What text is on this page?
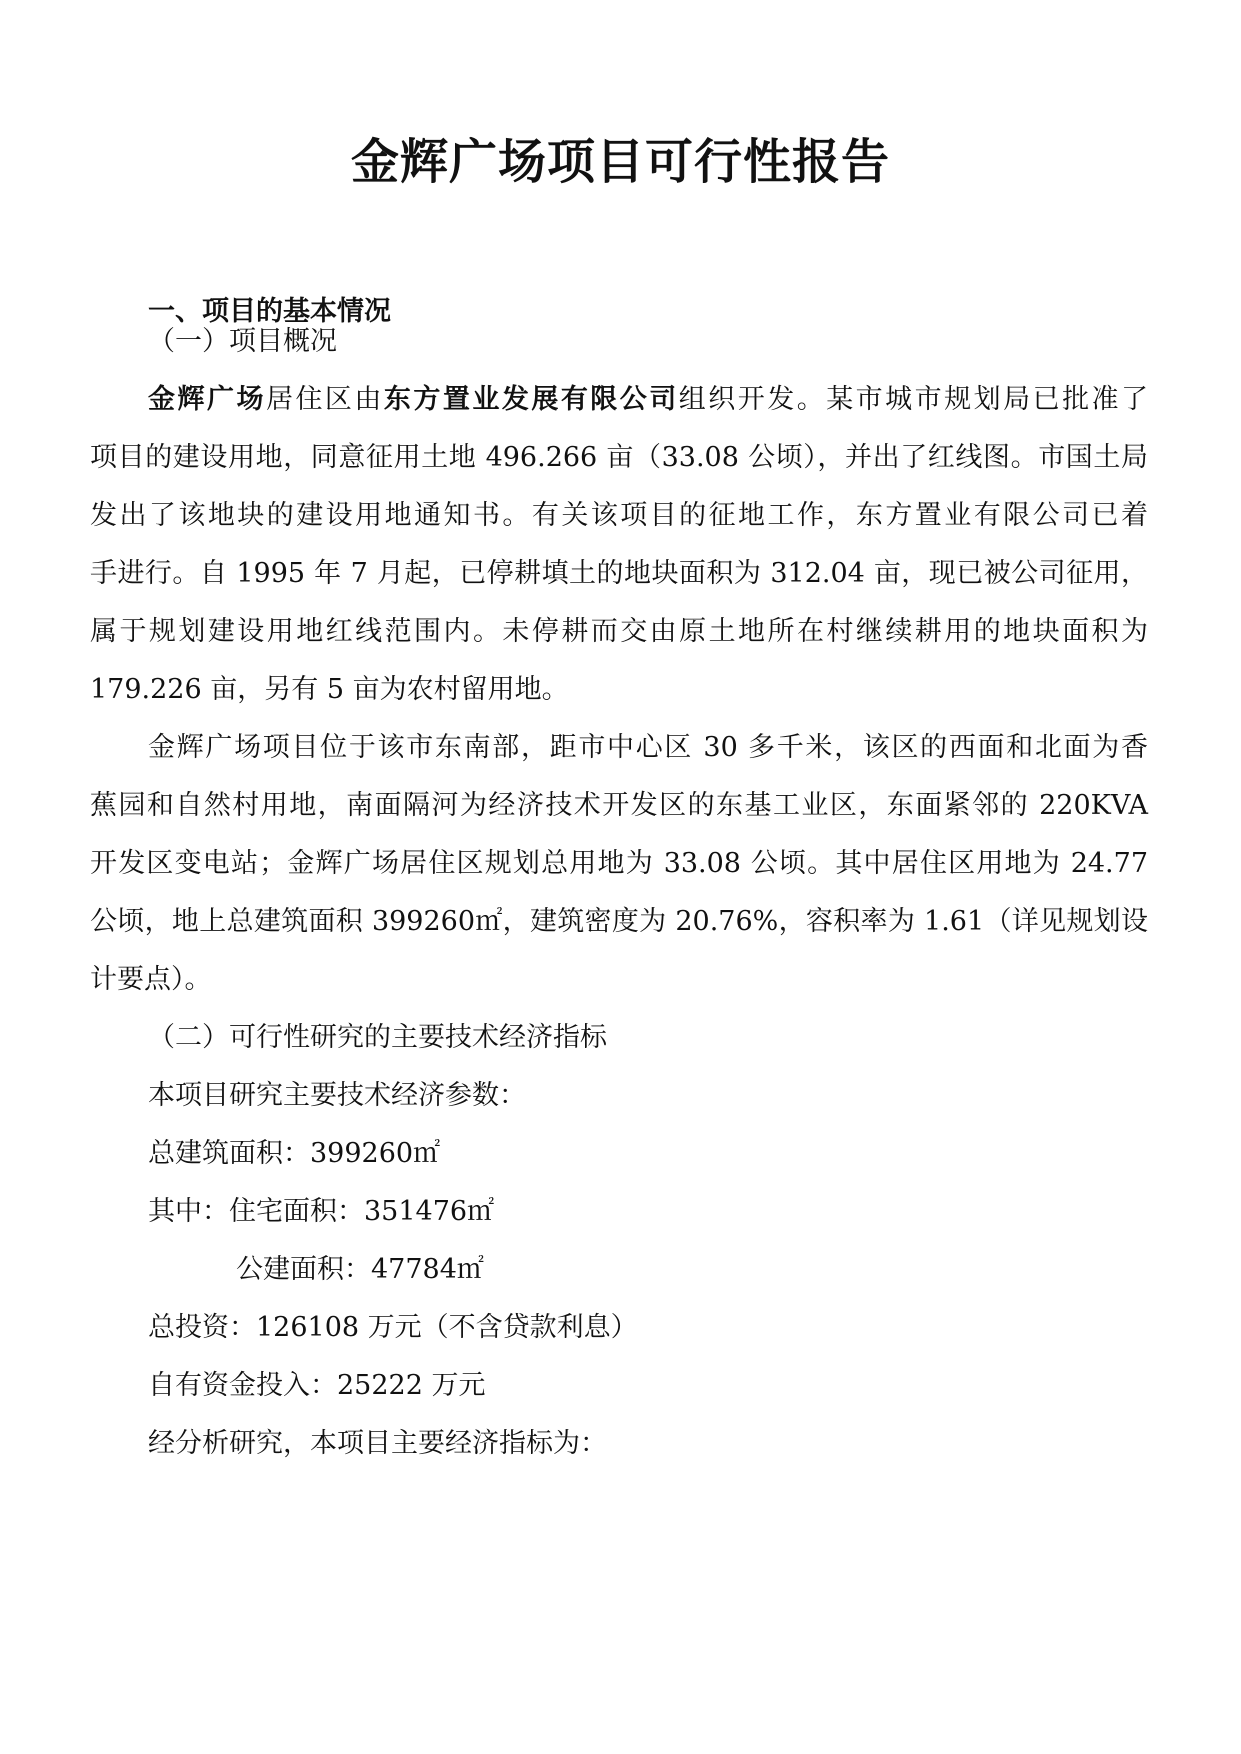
金辉广场项目可行性报告
一、项目的基本情况

（一）项目概况

金辉广场居住区由东方置业发展有限公司组织开发。某市城市规划局已批准了

项目的建设用地，同意征用土地 496.266 亩（33.08 公顷），并出了红线图。市国土局

发出了该地块的建设用地通知书。有关该项目的征地工作，东方置业有限公司已着

手进行。自 1995 年 7 月起，已停耕填土的地块面积为 312.04 亩，现已被公司征用，

属于规划建设用地红线范围内。未停耕而交由原土地所在村继续耕用的地块面积为

179.226 亩，另有 5 亩为农村留用地。

金辉广场项目位于该市东南部，距市中心区 30 多千米，该区的西面和北面为香

蕉园和自然村用地，南面隔河为经济技术开发区的东基工业区，东面紧邻的 220KVA

开发区变电站；金辉广场居住区规划总用地为 33.08 公顷。其中居住区用地为 24.77

公顷，地上总建筑面积 399260㎡，建筑密度为 20.76%，容积率为 1.61（详见规划设

计要点）。

（二）可行性研究的主要技术经济指标

本项目研究主要技术经济参数：

总建筑面积：399260㎡

其中：住宅面积：351476㎡

公建面积：47784㎡

总投资：126108 万元（不含贷款利息）

自有资金投入：25222 万元

经分析研究，本项目主要经济指标为：
